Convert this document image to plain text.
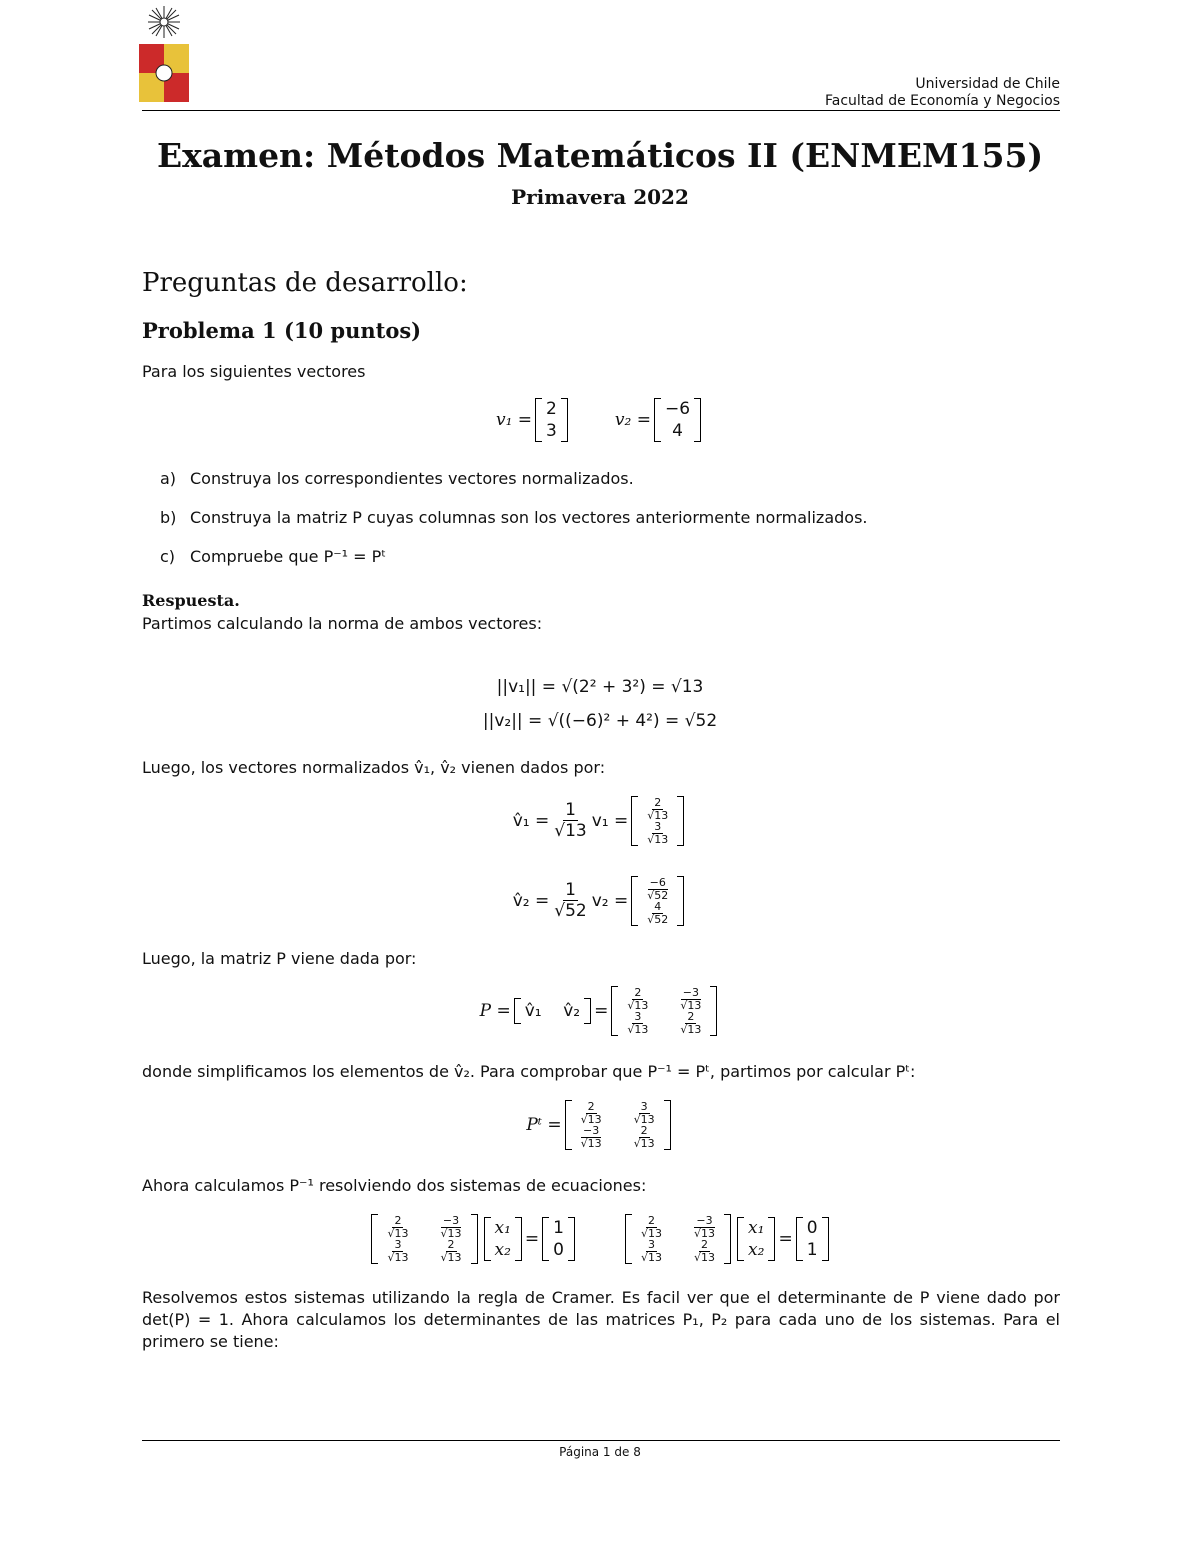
Universidad de Chile
Facultad de Economía y Negocios
Examen: Métodos Matemáticos II (ENMEM155)
Primavera 2022
Preguntas de desarrollo:
Problema 1 (10 puntos)
Para los siguientes vectores
v₁ =
2
3
v₂ =
−6
4
a) Construya los correspondientes vectores normalizados.
b) Construya la matriz P cuyas columnas son los vectores anteriormente normalizados.
c) Compruebe que P⁻¹ = Pᵗ
Respuesta.
Partimos calculando la norma de ambos vectores:
||v₁|| = √(2² + 3²) = √13
||v₂|| = √((−6)² + 4²) = √52
Luego, los vectores normalizados v̂₁, v̂₂ vienen dados por:
v̂₁ = $\frac{1}{√13} v_1 = \frac{2}{√13}$
$\frac{3}{√13}$
v̂₂ = $\frac{1}{√52} v_2 = \frac{-6}{√52}$
$\frac{4}{√52}$
Luego, la matriz P viene dada por:
P = v̂₁    v̂₂ = $\frac{2}{√13}$	$\frac{-3}{√13}$
$\frac{3}{√13}$	$\frac{2}{√13}$
donde simplificamos los elementos de v̂₂. Para comprobar que P⁻¹ = Pᵗ, partimos por calcular Pᵗ:
Pᵗ = $\frac{2}{√13}$	$\frac{3}{√13}$
$\frac{-3}{√13}$	$\frac{2}{√13}$
Ahora calculamos P⁻¹ resolviendo dos sistemas de ecuaciones:
$\frac{2}{√13}$	$\frac{-3}{√13}$
$\frac{3}{√13}$	$\frac{2}{√13}$
x₁
x₂
=
1
0
$\frac{2}{√13}$	$\frac{-3}{√13}$
$\frac{3}{√13}$	$\frac{2}{√13}$
x₁
x₂
=
0
1
Resolvemos estos sistemas utilizando la regla de Cramer. Es facil ver que el determinante de P viene dado por det(P) = 1. Ahora calculamos los determinantes de las matrices P₁, P₂ para cada uno de los sistemas. Para el primero se tiene:
Página 1 de 8
